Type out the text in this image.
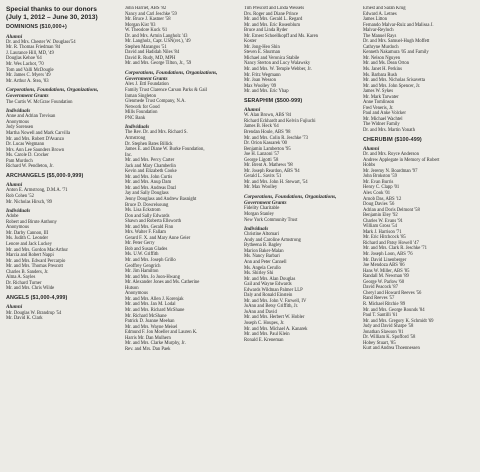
Special thanks to our donors
(July 1, 2012 – June 30, 2013)
DOMINIONS ($10,000+)
Alumni
Dr. and Mrs. Chester W. Douglass'54
Mr. R. Thomas Friedman '84
J. Laurance Hill, MD, '49
Douglas Kehoe '64
Mr. Wes Lachot, '70
Tom and Valli McDougle
Mr. James C. Myers '49
Mr. Arthur A. Stea, '83
Corporations, Foundations, Organizations, Government Grants
The Curtis W. McGraw Foundation
Individuals
Anne and Adrian Trevisan
Anonymous
Jody Sorensen
Martha Nowell and Mark Carvilla
Mr. and Mrs. Robert D'Avanzo
Dr. Lucas Wegmann
Mrs. Ann Lee Saunders Brown
Ms. Carole D. Crocker
Pam Murdoch
Richard W. Pendleton, Jr.
ARCHANGELS ($5,000-9,999)
Alumni
Anton E. Armstrong, D.M.A. '71
Rob Cohen '52
Mr. Nicholas Hirsch, '89
Individuals
Adobe
Robert and Birute Anthony
Anonymous
Mr. Darby Cannon, III
Ms. Judith C. Leonder
Lenore and Jack Luckey
Mr. and Mrs. Gordon MacArthur
Marcia and Robert Nappi
Mr. and Mrs. Edward Percarpio
Mr. and Mrs. Thomas Prescott
Charles B. Sanders, Jr.
Alma A. Sayles
Dr. Richard Turner
Mr. and Mrs. Chris Wilde
ANGELS ($1,000-4,999)
Alumni
Mr. Douglas W. Brandrup '54
Mr. David K. Clark
John Harriet, ABS '82
Nancy and Carl Jeschke '59
Mr. Bruce J. Kastner '58
Morgan Kist '03
W. Theodore Kuck '61
Dr. and Mrs. Armin Langholz '43
Mr. Langholz, Capt. USN(ret.), '49
Stephen Marangos '51
David and Hadidah Niles '84
David R. Rudy, MD, MPH
Mr. and Mrs. George Tilton, Jr., '59
Corporations, Foundations, Organizations, Government Grants
Alex J. Ettl Foundation
Family Trust Clarence Carson Parks & Gail
Inman Singleton
Glenmede Trust Company, N.A.
Network for Good
Mills Foundation
PNC Bank
Individuals
The Rev. Dr. and Mrs. Richard S.
Armstrong
Dr. Stephen Bates Billick
James E. and Diane W. Burke Foundation,
Inc.
Mr. and Mrs. Percy Carter
Jack and Mary Chamberlin
Kevin and Elizabeth Cooke
Mr. and Mrs. John Curtis
Mr. and Mrs. Anup Dam
Mr. and Mrs. Andreas Dazl
Jay and Sally Douglass
Jenny Douglass and Andrew Basnight
Bruce D. Dowrelsoung
Ms. Lisa Eckstrom
Don and Sally Edwards
Shawn and Roberta Ellsworth
Mr. and Mrs. Gerald Finn
Mrs. Walter F. Fallam
Gerard F. X. and Mary Anne Geier
Mr. Peter Gerry
Bob and Susan Glades
Ms. U.W. Griffith
Mr. and Mrs. Joseph Grillo
Geoffrey Gengrich
Mr. Jim Hamilton
Mr. and Mrs. Jo Joon-Hwang
Mr. Alexander Jones and Ms. Catherine
Hutson
Anonymous
Mr. and Mrs. Allen J. Korenjak
Mr. and Mrs. Jan M. Lodal
Mr. and Mrs. Richard McShane
Mr. Richard McShane
Patrick D. Joanne Meehan
Mr. and Mrs. Wayne Meisel
Edmund F. Jon Moeller and Lauren K.
Harris Mr. Dan Mulhern
Mr. and Mrs. Clarke Murphy, Jr.
Rev. and Mrs. Dan Paek
Tim Prescott and Linda Wessels
Drs. Roger and Diane Prince
Mr. and Mrs. Gerald L. Regard
Mr. and Mrs. Eric Rosenblum
Bruce and Linda Ryder
Mr. Ernest Schoellkopff and Ms. Karen
Koster
Mr. Jong-Heo Shin
Steven E. Shurman
Michael and Veronica Stabile
Nancy Sterton and Lucy Walawsky
Mr. and Mrs. W. Temple Webber, Jr.
Mr. Fritz Wegmann
Mr. Joan Wesson
Max Woolley '09
Mr. and Mrs. Eric Yhap
SERAPHIM ($500-999)
Alumni
W. Alan Brown, ABS '84
Richard Eckhardt and Kelvin Fujiuchi
James B. Heck '64
Brendan Houle, ABS '98
Mr. and Mrs. Colin R. Jeschke '73
Dr. Orion Kassarek '00
Benjamin Lamberton '95
Joe H. Lanzoni '57
George Ligotti '58
Mr. Brent A. Mathews '98
Mr. Joseph Reardon, ABS '94
Gerald L. Savits '51
Mr. and Mrs. John H. Stewart, '54
Mr. Max Woolley
Corporations, Foundations, Organizations, Government Grants
Fidelity Charitable
Morgan Stanley
New York Community Trust
Individuals
Christine Altomari
Andy and Caroline Armstrong
Bytheena B. Bagley
Marion Baker-Malan
Ms. Nancy Barbari
Ann and Peter Cannell
Ms. Angela Cerullo
Ms. Shirley Shi
Mr. and Mrs. Alan Douglas
Gail and Wayne Edwards
Edwards Wildman Palmer LLP
Daly and Ronald Einstein
Mr. and Mrs. John V. Farwell, IV
JoAnn and Betsy Griffith, Jr.
JoAnn and David
Mr. and Mrs. Herbert W. Hobler
Joseph C. Houpes, Jr.
Mr. and Mrs. Michael A. Kanarek
Mr. and Mrs. Paul Klein
Ronald E. Kreneman
Ernest and Sarah Krug
Edward A. Letnes
James Litton
Fernando Malvar-Ruiz and Malissa J.
Malvar-Reyloch
The Manuel Rays
Dr. and Mrs. Samuel-Hugh Moffett
Cathryne Murdoch
Kenneth Nakamura '05 and Family
Mr. Nelson Nguyen
Mr. and Ms. Dean Orton
Ms. Janet H. Perkins
Ms. Barbara Rush
Mr. and Mrs. Nicholas Srisavetta
Mr. and Mrs. John Spencer, Jr.
James W. Sykes
Mr. Mark Tarwater
Anne Tomlinson
Fred Veneris, Jr.
Paul and Anke Volcker
Mr. Michael Wachtel
The Widner Family
Dr. and Mrs. Martin Yonath
CHERUBIM ($100-499)
Alumni
Dr. and Mrs. Royce Anderson
Andrew Applegate in Memory of Robert
Hobbs
Mr. Jeremy N. Boardman '97
John Brokston '59
Mr. Evan Burris
Henry C. Clapp '01
Alex Cook '01
Arnob Das, ABS '12
Doug Davies '56
Adrian and Doris Delmont '58
Benjamin Eley '92
Charles W. Evans '91
William Gross '54
Mark J. Harrison '71
Mr. Eric Hitchcock '85
Richard and Patsy Howell '47
Mr. and Mrs. Clark R. Jeschke '71
Mr. Joseph Loon, ABS '76
Mr. David Linenberger
Joe Mendoza ABS '06
Hans W. Miller, ABS '85
Randall M. Newman '89
George W. Parlow '60
David Peacock '87
Cheryl and Howard Reeves '56
Rand Reeves '57
R. Michael Ritchie '89
Mr. and Mrs. George Rounds '84
Paul T. Santilli '61
Mr. and Mrs. Gregory K. Schmidt '69
Judy and David Sharpe '58
Jonathan Slawson '01
Dr. William K. Spofford '58
Hobey Stuart, '85
Kurt and Andrea Thoennessen
